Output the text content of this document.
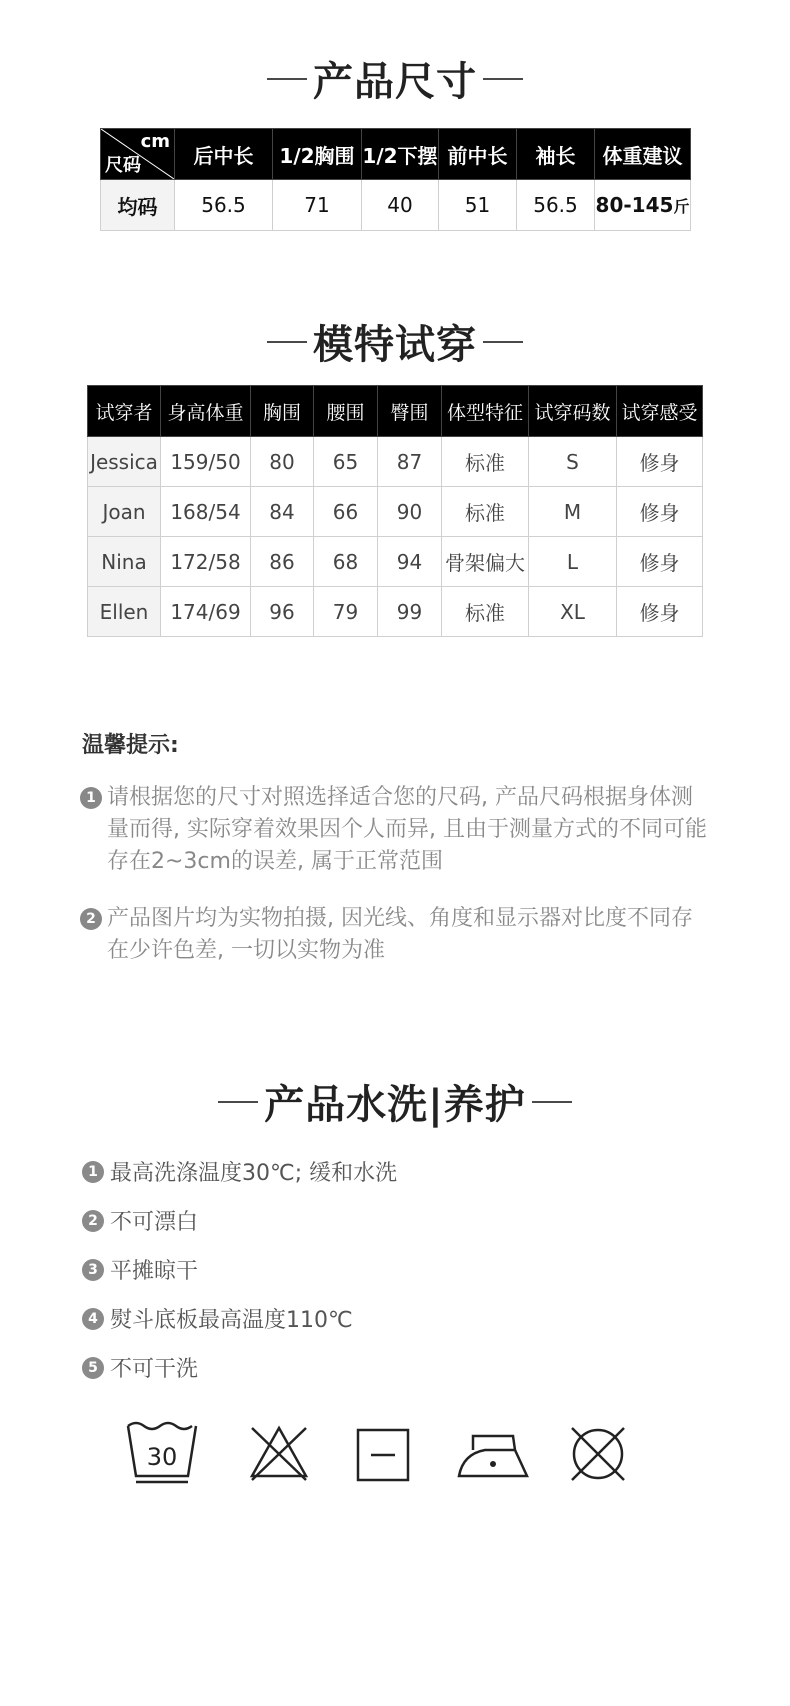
产品尺寸
cm
尺码	后中长	1/2胸围	1/2下摆	前中长	袖长	体重建议
均码	56.5	71	40	51	56.5	80-145斤
模特试穿
试穿者	身高体重	胸围	腰围	臀围	体型特征	试穿码数	试穿感受
Jessica	159/50	80	65	87	标准	S	修身
Joan	168/54	84	66	90	标准	M	修身
Nina	172/58	86	68	94	骨架偏大	L	修身
Ellen	174/69	96	79	99	标准	XL	修身
温馨提示:
1 请根据您的尺寸对照选择适合您的尺码, 产品尺码根据身体测量而得, 实际穿着效果因个人而异, 且由于测量方式的不同可能存在2~3cm的误差, 属于正常范围
2 产品图片均为实物拍摄, 因光线、角度和显示器对比度不同存在少许色差, 一切以实物为准
产品水洗|养护
1 最高洗涤温度30℃; 缓和水洗
2 不可漂白
3 平摊晾干
4 熨斗底板最高温度110℃
5 不可干洗
30
